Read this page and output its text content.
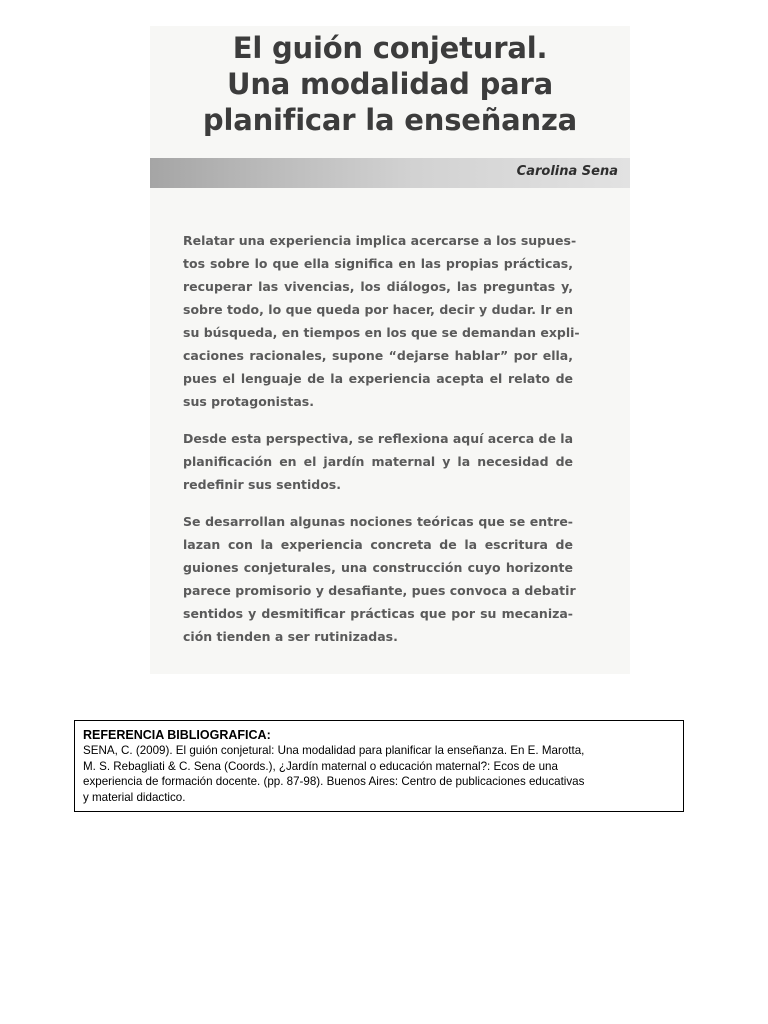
El guión conjetural.
Una modalidad para
planificar la enseñanza
Carolina Sena

Relatar una experiencia implica acercarse a los supues-
tos sobre lo que ella significa en las propias prácticas,
recuperar las vivencias, los diálogos, las preguntas y,
sobre todo, lo que queda por hacer, decir y dudar. Ir en
su búsqueda, en tiempos en los que se demandan expli-
caciones racionales, supone “dejarse hablar” por ella,
pues el lenguaje de la experiencia acepta el relato de
sus protagonistas.

Desde esta perspectiva, se reflexiona aquí acerca de la
planificación en el jardín maternal y la necesidad de
redefinir sus sentidos.

Se desarrollan algunas nociones teóricas que se entre-
lazan con la experiencia concreta de la escritura de
guiones conjeturales, una construcción cuyo horizonte
parece promisorio y desafiante, pues convoca a debatir
sentidos y desmitificar prácticas que por su mecaniza-
ción tienden a ser rutinizadas.

REFERENCIA BIBLIOGRAFICA:
SENA, C. (2009). El guión conjetural: Una modalidad para planificar la enseñanza. En E. Marotta,
M. S. Rebagliati & C. Sena (Coords.), ¿Jardín maternal o educación maternal?: Ecos de una
experiencia de formación docente. (pp. 87-98). Buenos Aires: Centro de publicaciones educativas
y material didactico.
